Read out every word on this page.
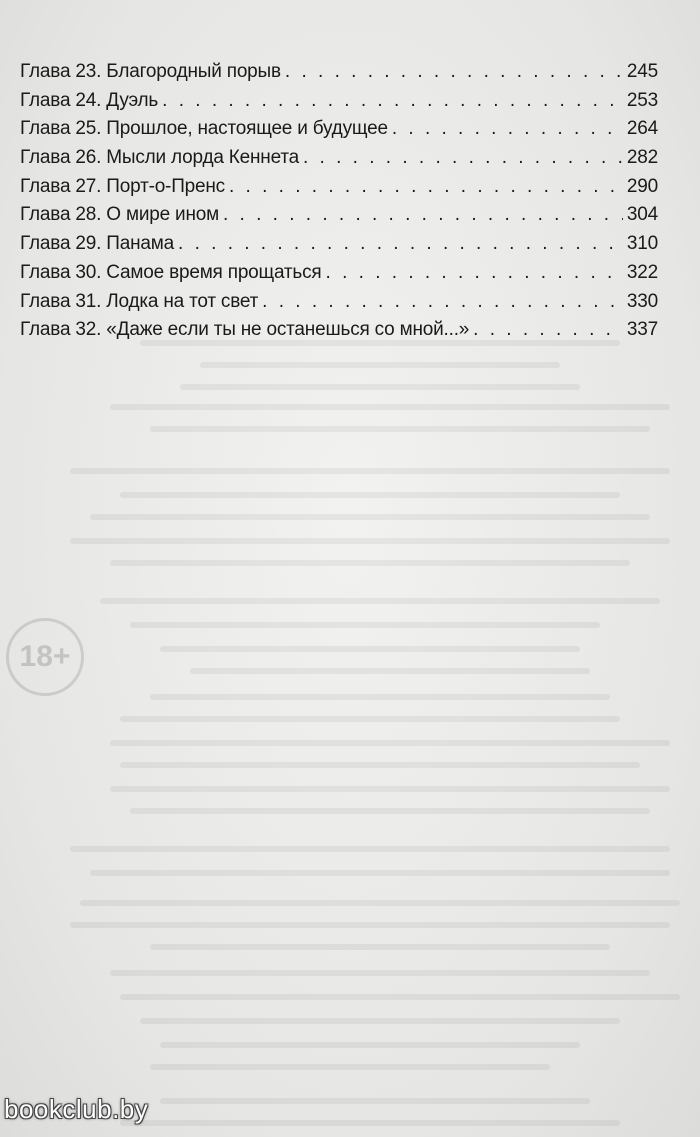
18+
Глава 23. Благородный порыв . . .	245
Глава 24. Дуэль . . .	253
Глава 25. Прошлое, настоящее и будущее . . .	264
Глава 26. Мысли лорда Кеннета . . .	282
Глава 27. Порт-о-Пренс . . .	290
Глава 28. О мире ином . . .	304
Глава 29. Панама . . .	310
Глава 30. Самое время прощаться . . .	322
Глава 31. Лодка на тот свет . . .	330
Глава 32. «Даже если ты не останешься со мной...» . . .	337
bookclub.by
